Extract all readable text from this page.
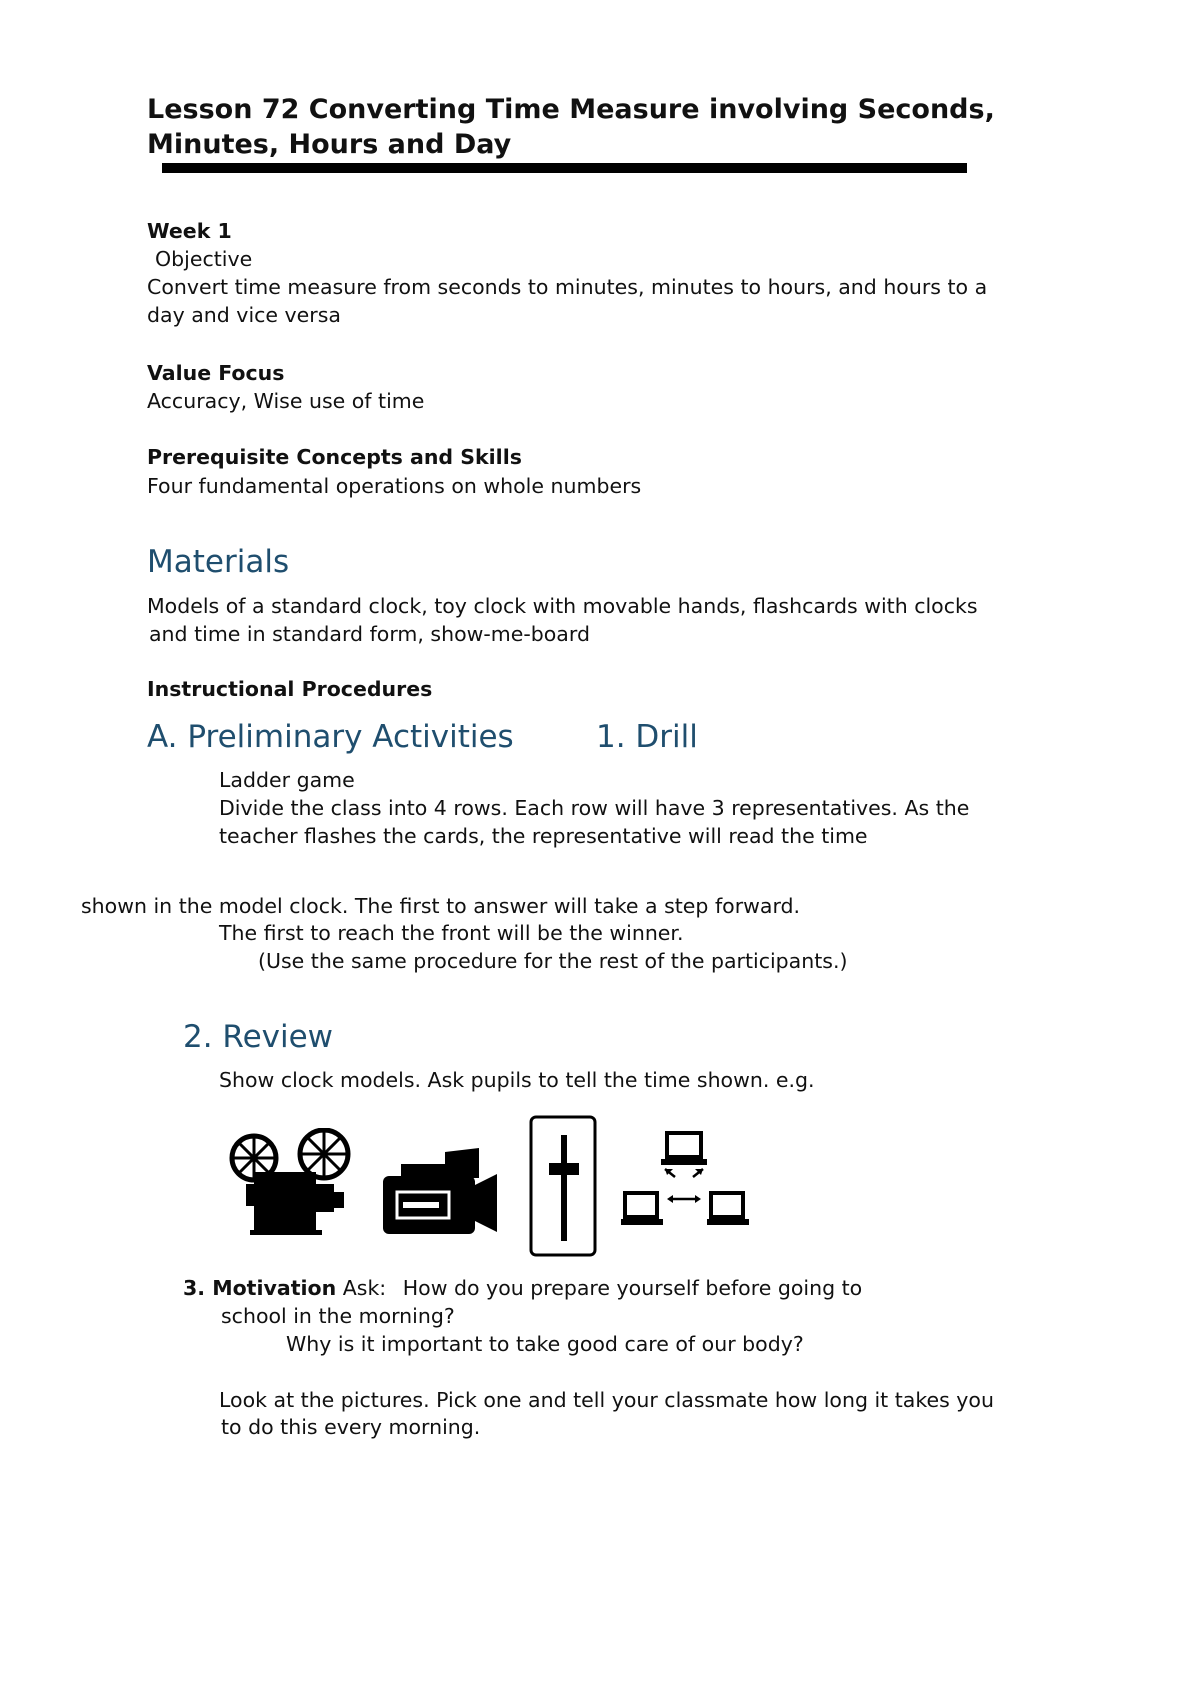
Lesson 72 Converting Time Measure involving Seconds,
Minutes, Hours and Day
Week 1
Objective
Convert time measure from seconds to minutes, minutes to hours, and hours to a
day and vice versa
Value Focus
Accuracy, Wise use of time
Prerequisite Concepts and Skills
Four fundamental operations on whole numbers
Materials
Models of a standard clock, toy clock with movable hands, flashcards with clocks
and time in standard form, show-me-board
Instructional Procedures
A. Preliminary Activities	1. Drill
Ladder game
Divide the class into 4 rows. Each row will have 3 representatives. As the
teacher flashes the cards, the representative will read the time
shown in the model clock. The first to answer will take a step forward.
The first to reach the front will be the winner.
(Use the same procedure for the rest of the participants.)
2. Review
Show clock models. Ask pupils to tell the time shown. e.g.
3. Motivation Ask: How do you prepare yourself before going to
school in the morning?
Why is it important to take good care of our body?
Look at the pictures. Pick one and tell your classmate how long it takes you
to do this every morning.
